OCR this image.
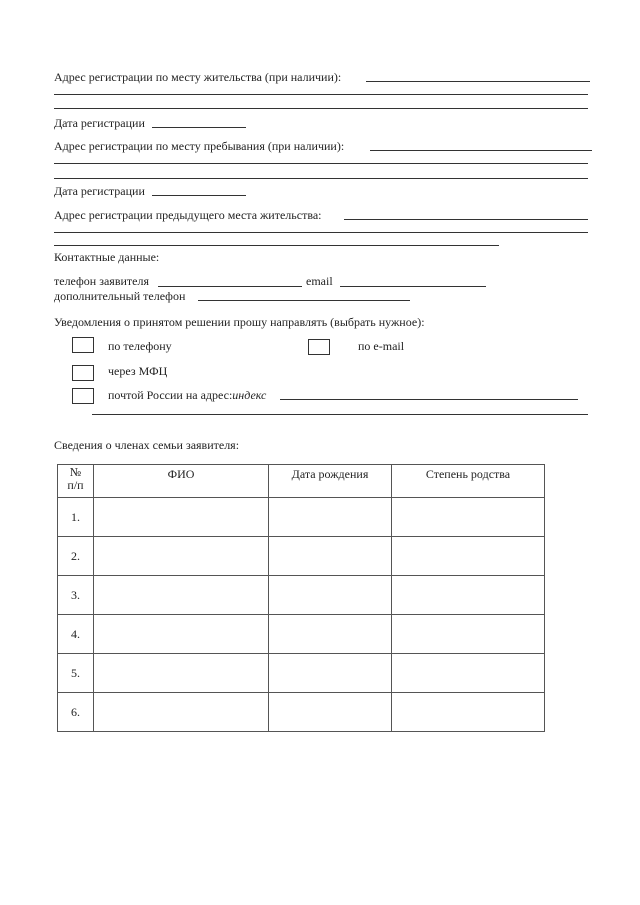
Адрес регистрации по месту жительства (при наличии):
Дата регистрации
Адрес регистрации по месту пребывания (при наличии):
Дата регистрации
Адрес регистрации предыдущего места жительства:
Контактные данные:
телефон заявителя	email
дополнительный телефон
Уведомления о принятом решении прошу направлять (выбрать нужное):
по телефону	по e-mail
через МФЦ
почтой России на адрес:индекс
Сведения о членах семьи заявителя:
№
п/п	ФИО	Дата рождения	Степень родства
1.			
2.			
3.			
4.			
5.			
6.			
